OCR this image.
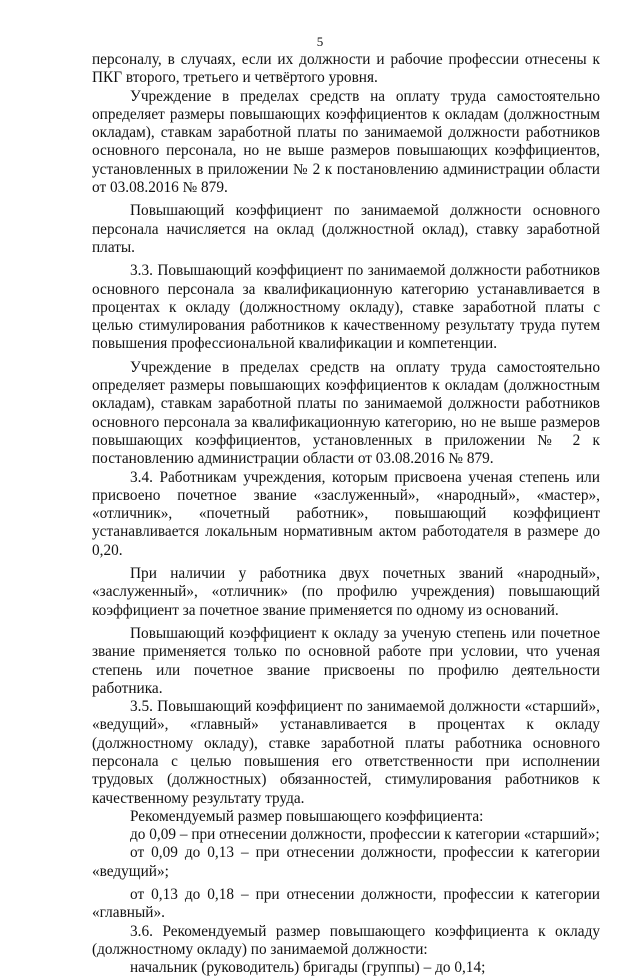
5

персоналу, в случаях, если их должности и рабочие профессии отнесены к ПКГ второго, третьего и четвёртого уровня.

Учреждение в пределах средств на оплату труда самостоятельно определяет размеры повышающих коэффициентов к окладам (должностным окладам), ставкам заработной платы по занимаемой должности работников основного персонала, но не выше размеров повышающих коэффициентов, установленных в приложении № 2 к постановлению администрации области от 03.08.2016 № 879.

Повышающий коэффициент по занимаемой должности основного персонала начисляется на оклад (должностной оклад), ставку заработной платы.

3.3. Повышающий коэффициент по занимаемой должности работников основного персонала за квалификационную категорию устанавливается в процентах к окладу (должностному окладу), ставке заработной платы с целью стимулирования работников к качественному результату труда путем повышения профессиональной квалификации и компетенции.

Учреждение в пределах средств на оплату труда самостоятельно определяет размеры повышающих коэффициентов к окладам (должностным окладам), ставкам заработной платы по занимаемой должности работников основного персонала за квалификационную категорию, но не выше размеров повышающих коэффициентов, установленных в приложении № 2 к постановлению администрации области от 03.08.2016 № 879.

3.4. Работникам учреждения, которым присвоена ученая степень или присвоено почетное звание «заслуженный», «народный», «мастер», «отличник», «почетный работник», повышающий коэффициент устанавливается локальным нормативным актом работодателя в размере до 0,20.

При наличии у работника двух почетных званий «народный», «заслуженный», «отличник» (по профилю учреждения) повышающий коэффициент за почетное звание применяется по одному из оснований.

Повышающий коэффициент к окладу за ученую степень или почетное звание применяется только по основной работе при условии, что ученая степень или почетное звание присвоены по профилю деятельности работника.

3.5. Повышающий коэффициент по занимаемой должности «старший», «ведущий», «главный» устанавливается в процентах к окладу (должностному окладу), ставке заработной платы работника основного персонала с целью повышения его ответственности при исполнении трудовых (должностных) обязанностей, стимулирования работников к качественному результату труда.

Рекомендуемый размер повышающего коэффициента:

до 0,09 – при отнесении должности, профессии к категории «старший»;

от 0,09 до 0,13 – при отнесении должности, профессии к категории «ведущий»;

от 0,13 до 0,18 – при отнесении должности, профессии к категории «главный».

3.6. Рекомендуемый размер повышающего коэффициента к окладу (должностному окладу) по занимаемой должности:

начальник (руководитель) бригады (группы) – до 0,14;
